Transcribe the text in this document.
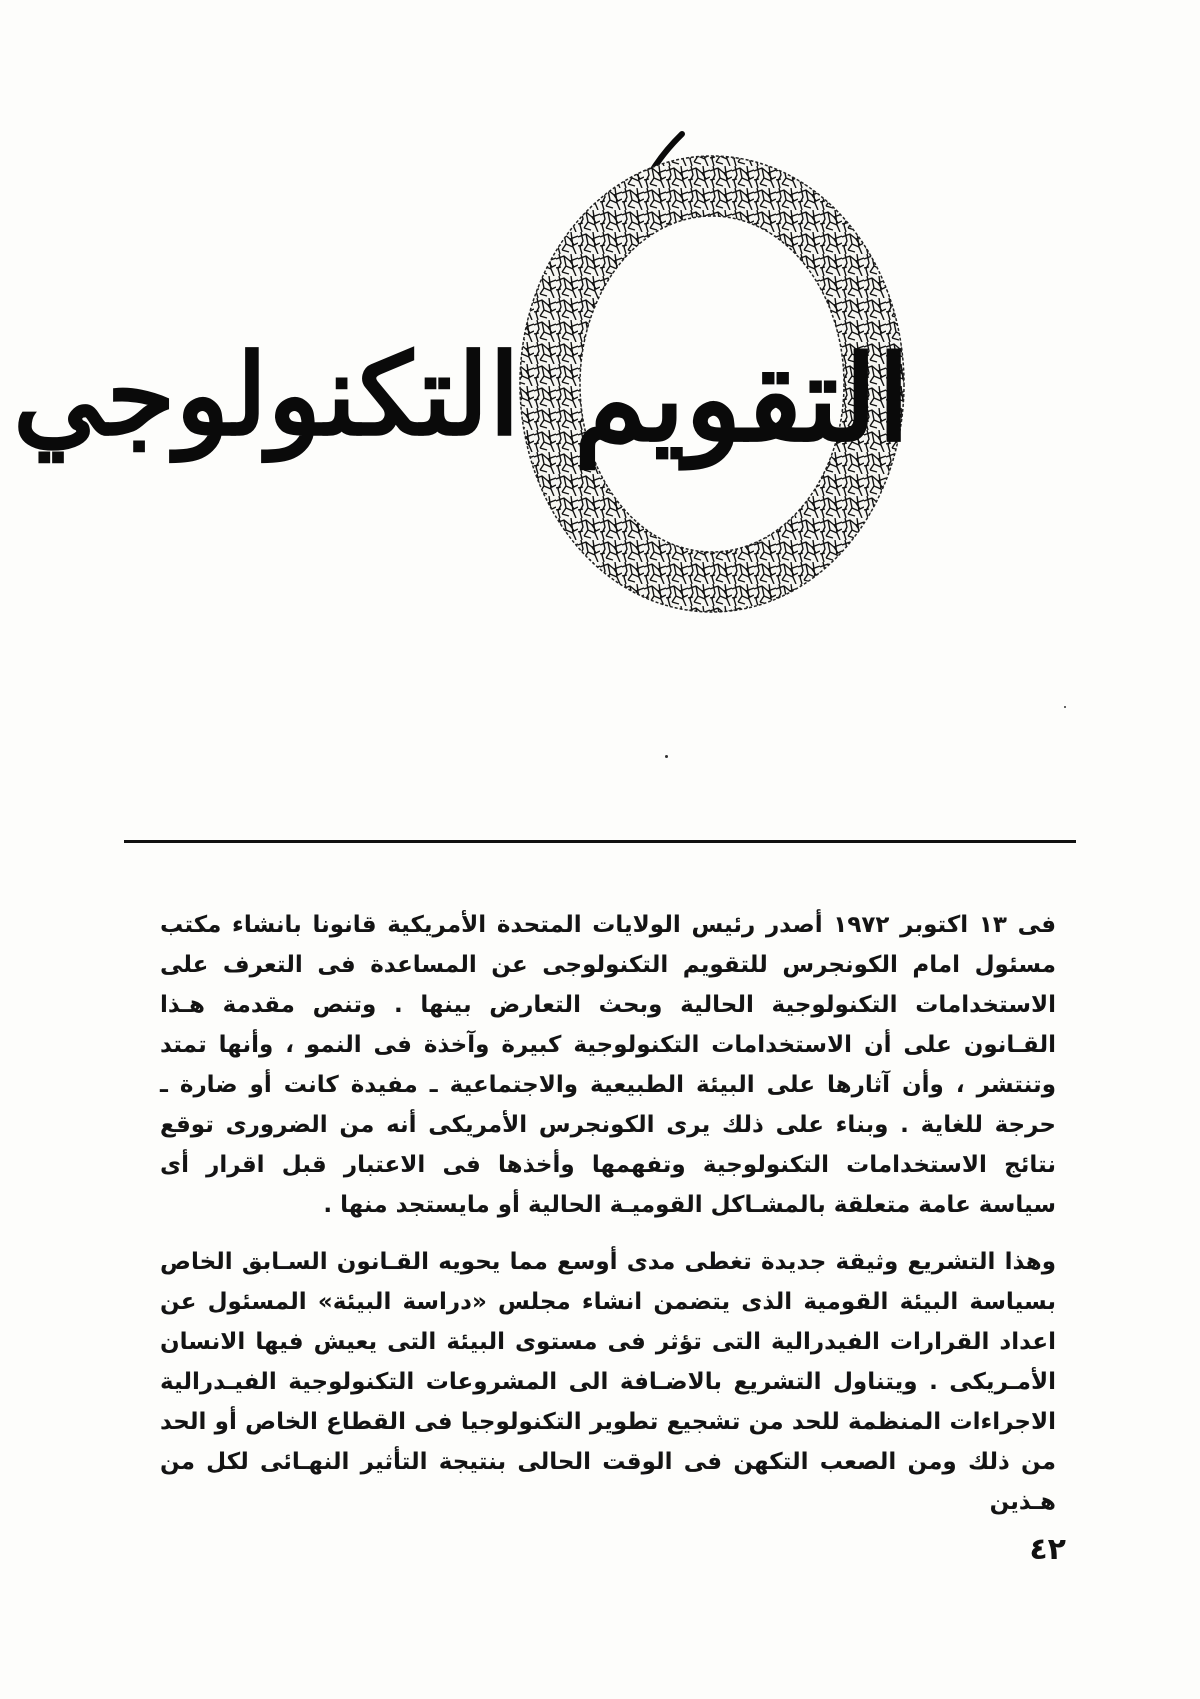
التقويم
التكنولوجي

فى ١٣ اكتوبر ١٩٧٢ أصدر رئيس الولايات المتحدة الأمريكية قانونا بانشاء مكتب مسئول امام الكونجرس للتقويم التكنولوجى عن المساعدة فى التعرف على الاستخدامات التكنولوجية الحالية وبحث التعارض بينها . وتنص مقدمة هـذا القـانون على أن الاستخدامات التكنولوجية كبيرة وآخذة فى النمو ، وأنها تمتد وتنتشر ، وأن آثارها على البيئة الطبيعية والاجتماعية ـ مفيدة كانت أو ضارة ـ حرجة للغاية . وبناء على ذلك يرى الكونجرس الأمريكى أنه من الضرورى توقع نتائج الاستخدامات التكنولوجية وتفهمها وأخذها فى الاعتبار قبل اقرار أى سياسة عامة متعلقة بالمشـاكل القوميـة الحالية أو مايستجد منها .

وهذا التشريع وثيقة جديدة تغطى مدى أوسع مما يحويه القـانون السـابق الخاص بسياسة البيئة القومية الذى يتضمن انشاء مجلس «دراسة البيئة» المسئول عن اعداد القرارات الفيدرالية التى تؤثر فى مستوى البيئة التى يعيش فيها الانسان الأمـريكى . ويتناول التشريع بالاضـافة الى المشروعات التكنولوجية الفيـدرالية الاجراءات المنظمة للحد من تشجيع تطوير التكنولوجيا فى القطاع الخاص أو الحد من ذلك ومن الصعب التكهن فى الوقت الحالى بنتيجة التأثير النهـائى لكل من هـذين

٤٢
